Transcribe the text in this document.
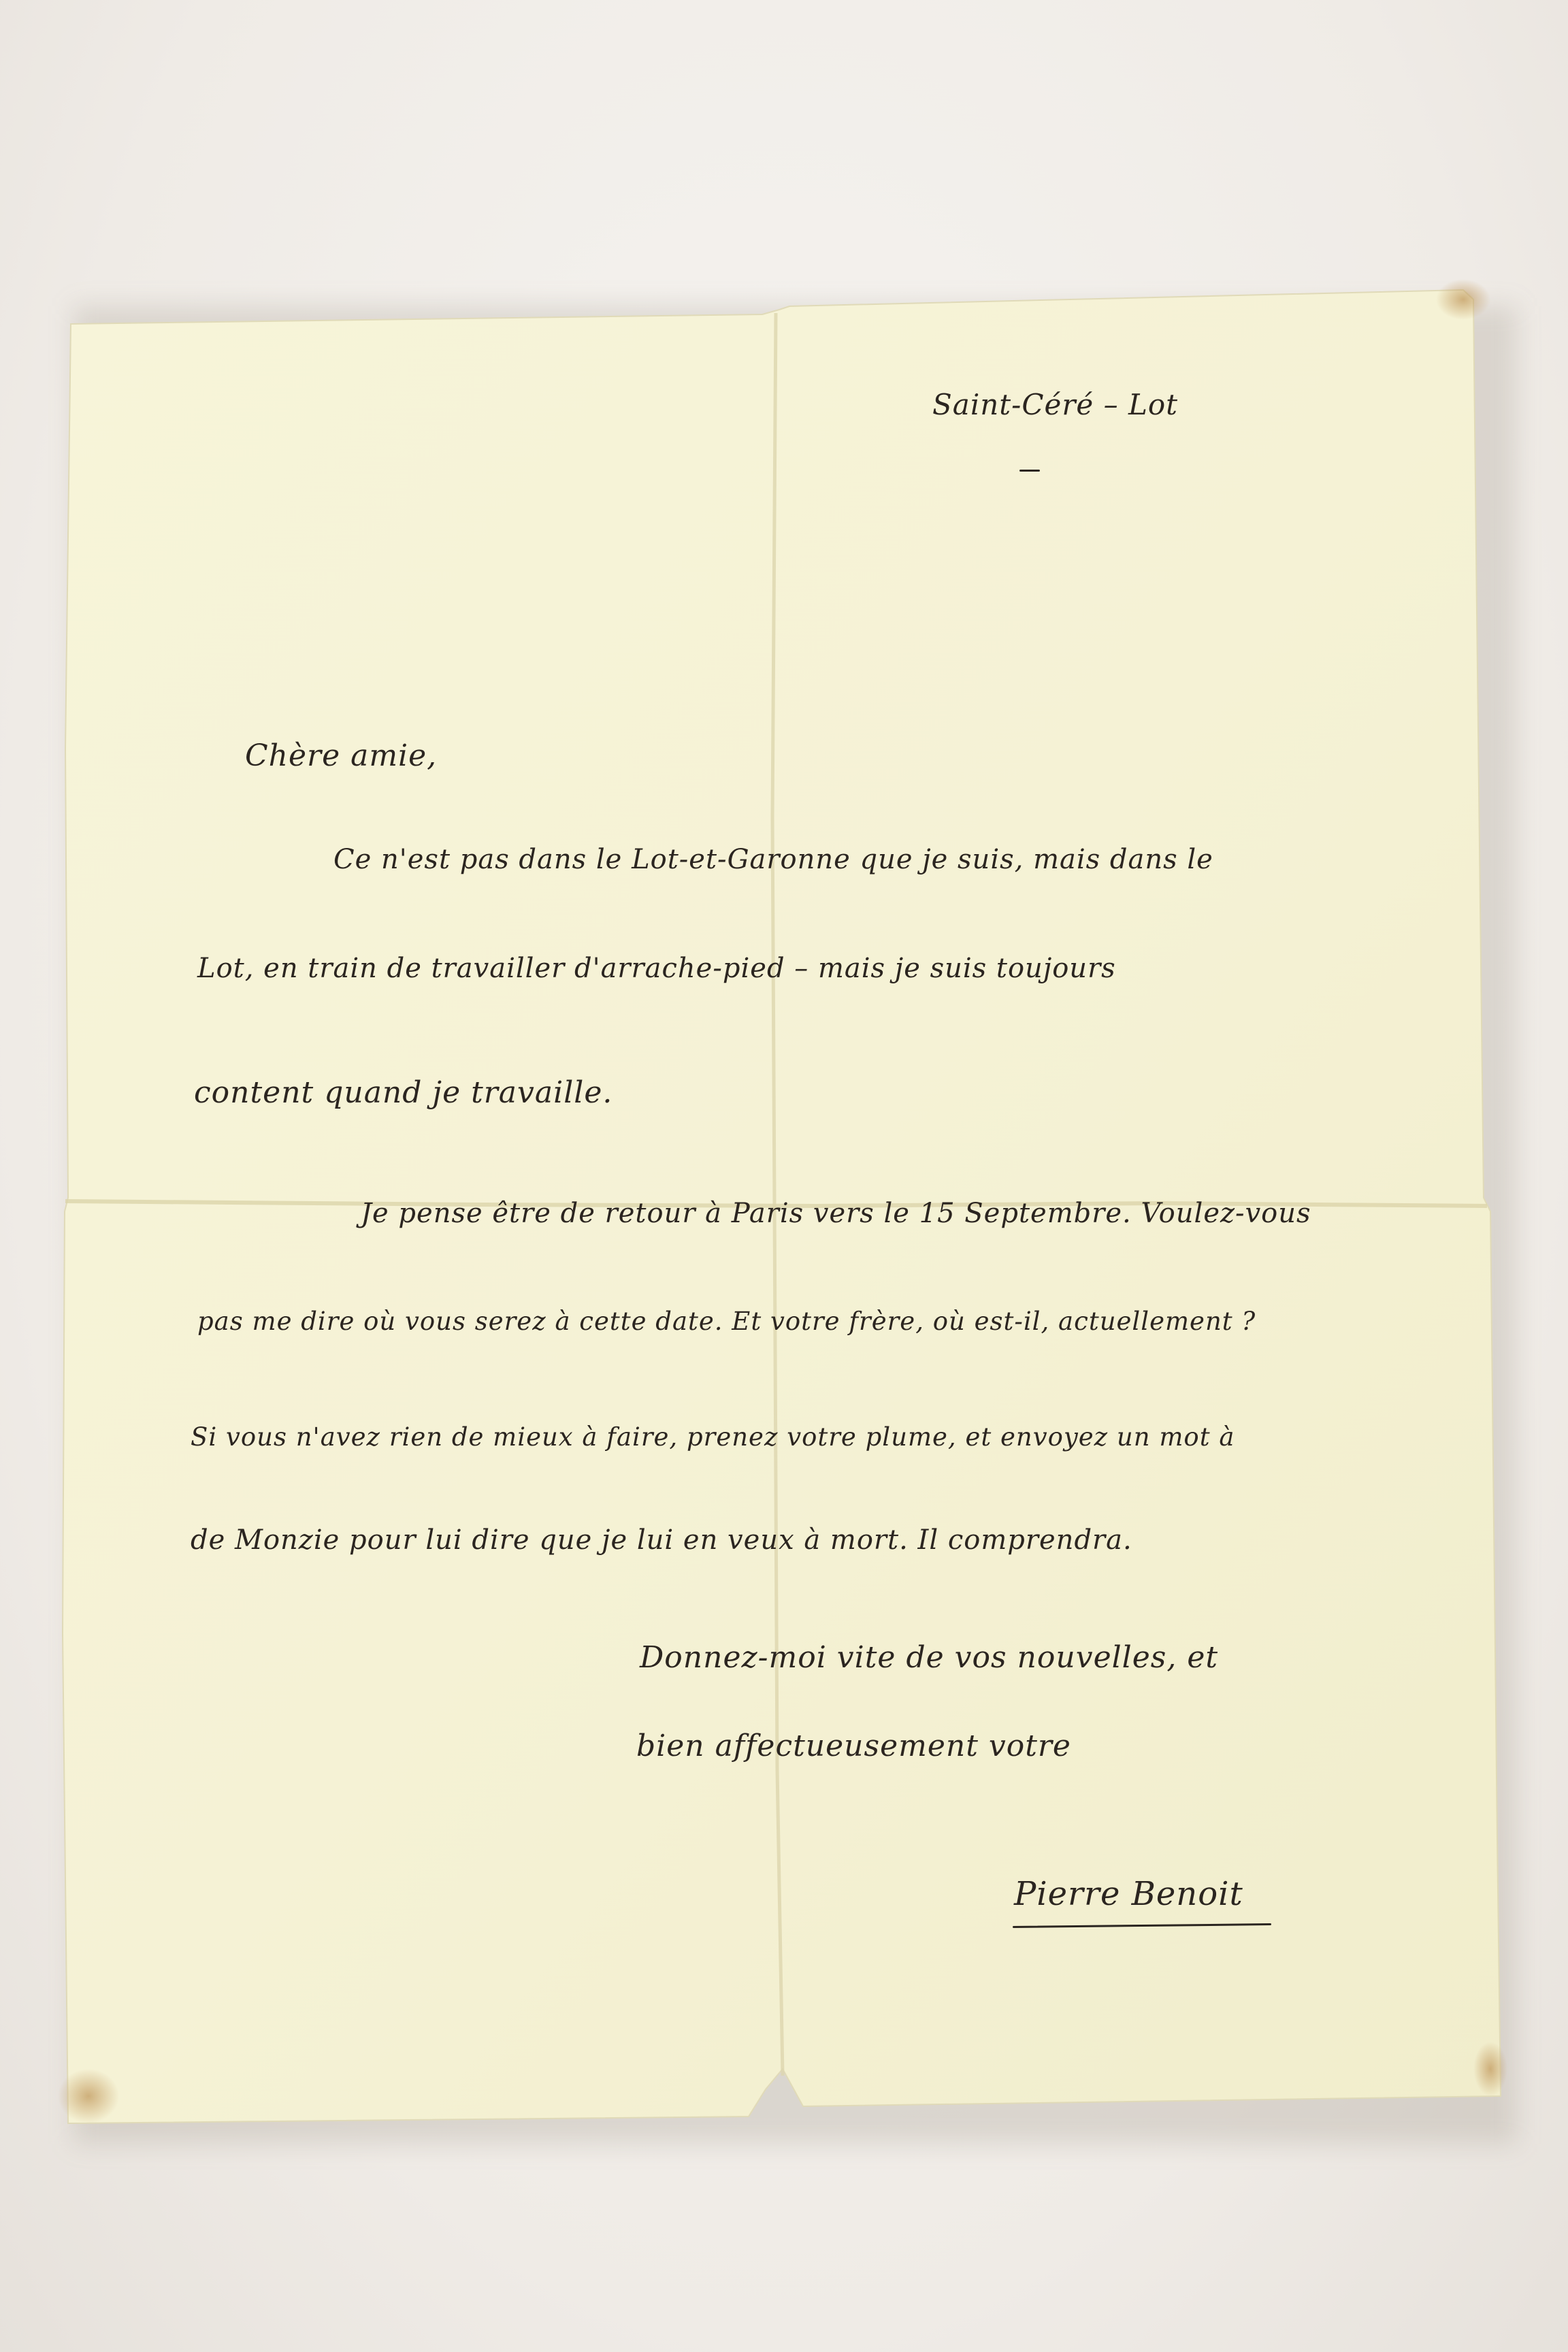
Saint-Céré – Lot
Chère amie,
Ce n'est pas dans le Lot-et-Garonne que je suis, mais dans le
Lot, en train de travailler d'arrache-pied – mais je suis toujours
content quand je travaille.
Je pense être de retour à Paris vers le 15 Septembre. Voulez-vous
pas me dire où vous serez à cette date. Et votre frère, où est-il, actuellement ?
Si vous n'avez rien de mieux à faire, prenez votre plume, et envoyez un mot à
de Monzie pour lui dire que je lui en veux à mort. Il comprendra.
Donnez-moi vite de vos nouvelles, et
bien affectueusement votre
Pierre Benoit
